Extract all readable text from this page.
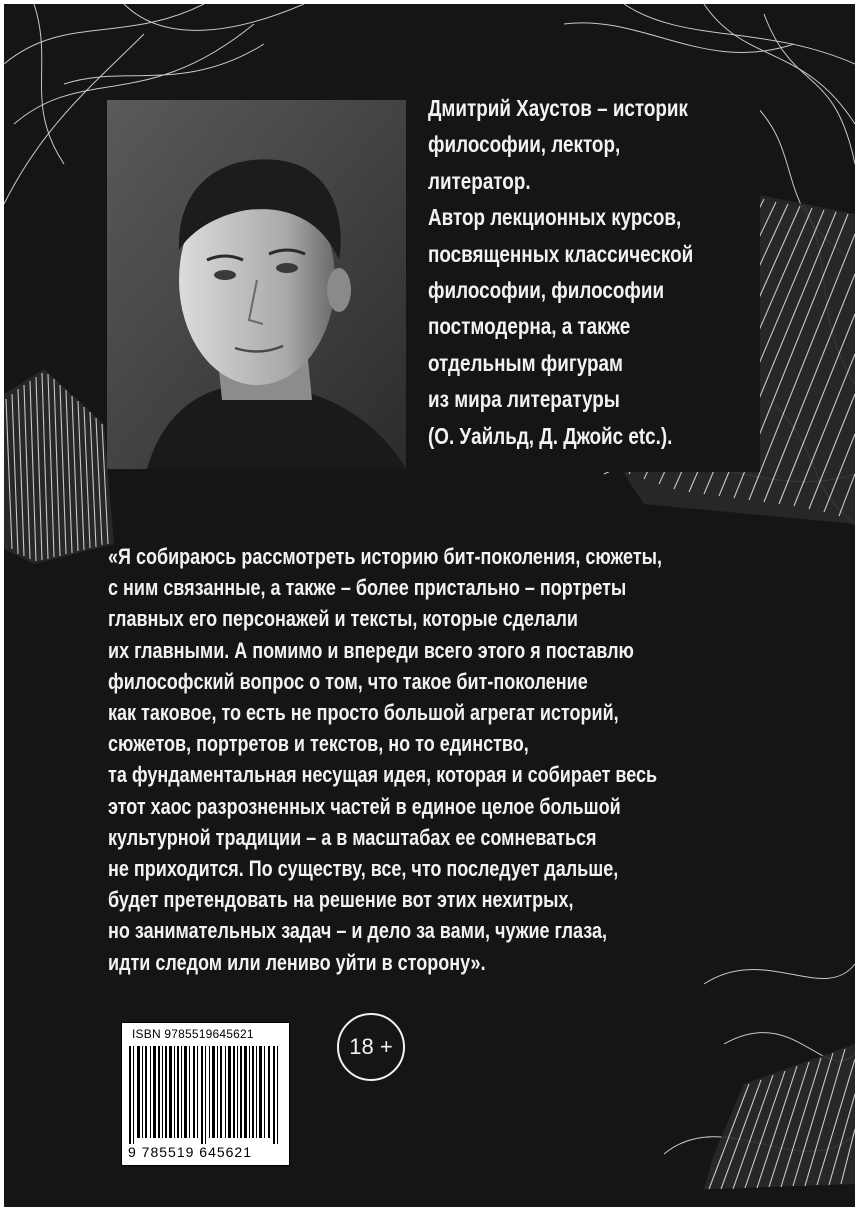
Дмитрий Хаустов – историк
философии, лектор,
литератор.
Автор лекционных курсов,
посвященных классической
философии, философии
постмодерна, а также
отдельным фигурам
из мира литературы
(О. Уайльд, Д. Джойс etc.).
«Я собираюсь рассмотреть историю бит-поколения, сюжеты,
с ним связанные, а также – более пристально – портреты
главных его персонажей и тексты, которые сделали
их главными. А помимо и впереди всего этого я поставлю
философский вопрос о том, что такое бит-поколение
как таковое, то есть не просто большой агрегат историй,
сюжетов, портретов и текстов, но то единство,
та фундаментальная несущая идея, которая и собирает весь
этот хаос разрозненных частей в единое целое большой
культурной традиции – а в масштабах ее сомневаться
не приходится. По существу, все, что последует дальше,
будет претендовать на решение вот этих нехитрых,
но занимательных задач – и дело за вами, чужие глаза,
идти следом или лениво уйти в сторону».
ISBN 9785519645621
9 785519 645621
18 +
